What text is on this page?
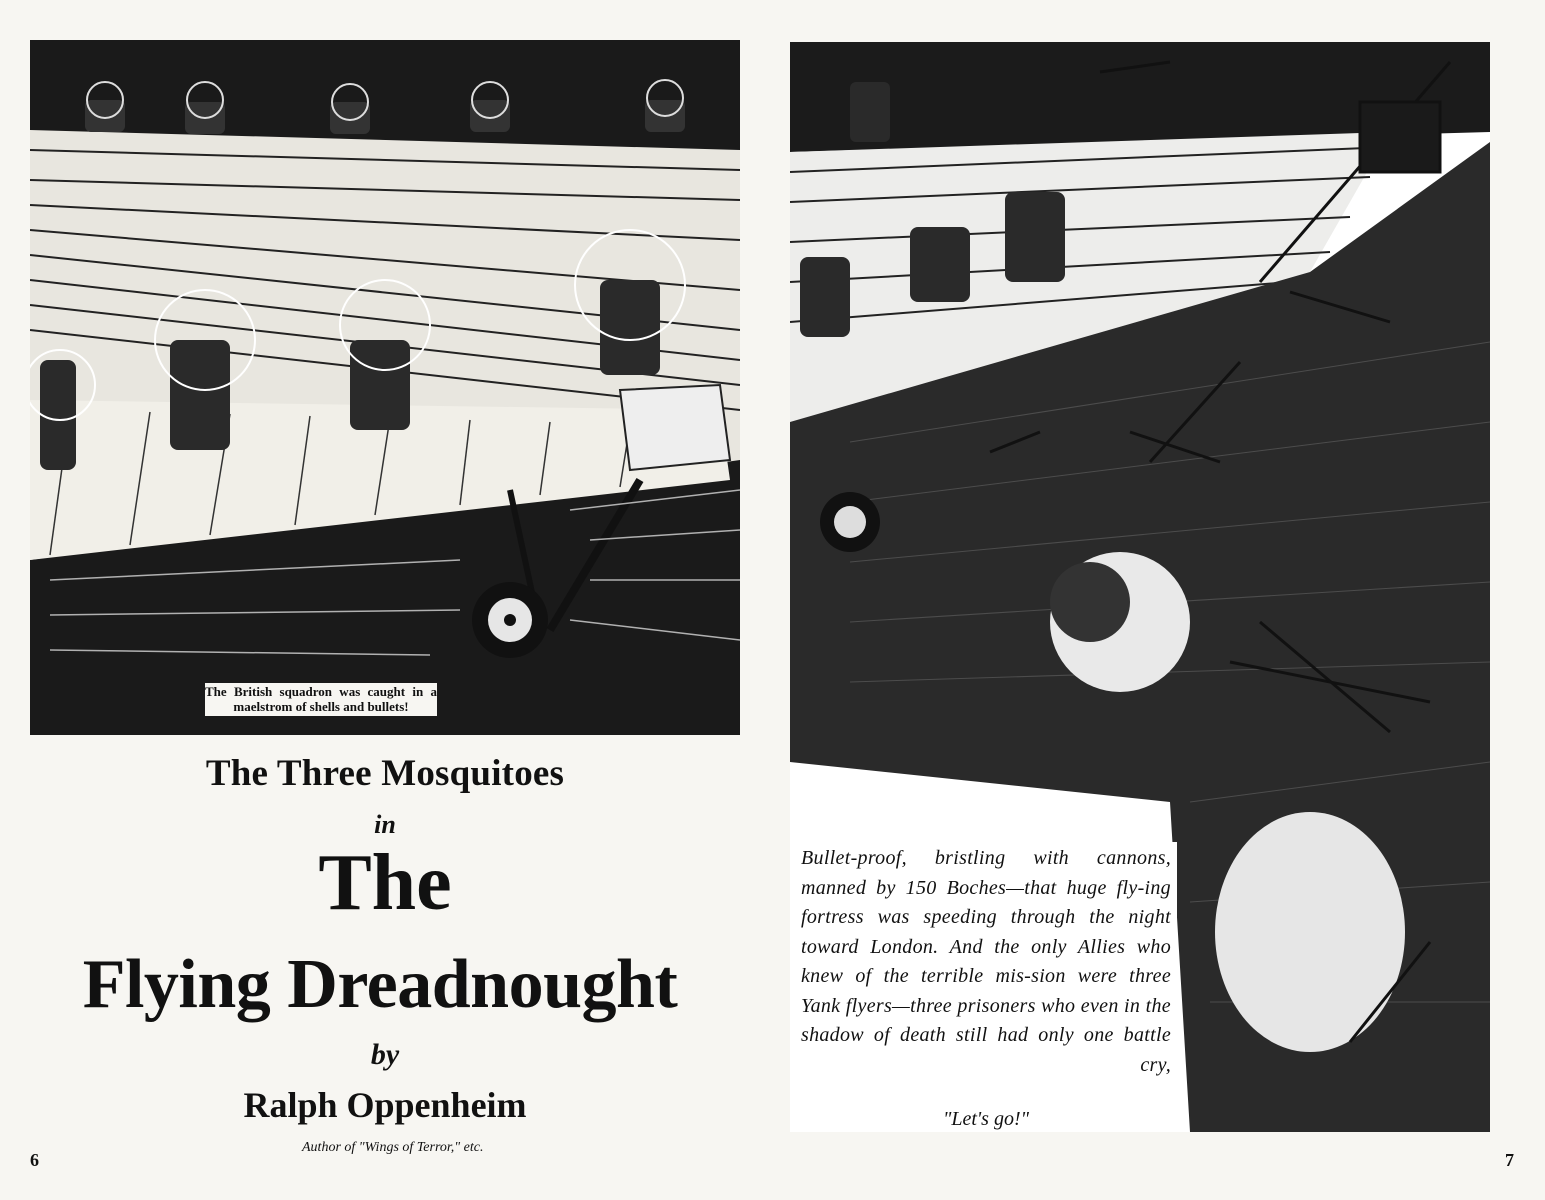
The British squadron was caught in a maelstrom of shells and bullets!
The Three Mosquitoes
in
The
Flying Dreadnought
by
Ralph Oppenheim
Author of "Wings of Terror," etc.
6
Bullet-proof, bristling with cannons, manned by 150 Boches—that huge fly-ing fortress was speeding through the night toward London. And the only Allies who knew of the terrible mis-sion were three Yank flyers—three prisoners who even in the shadow of death still had only one battle cry,
"Let's go!"
7
